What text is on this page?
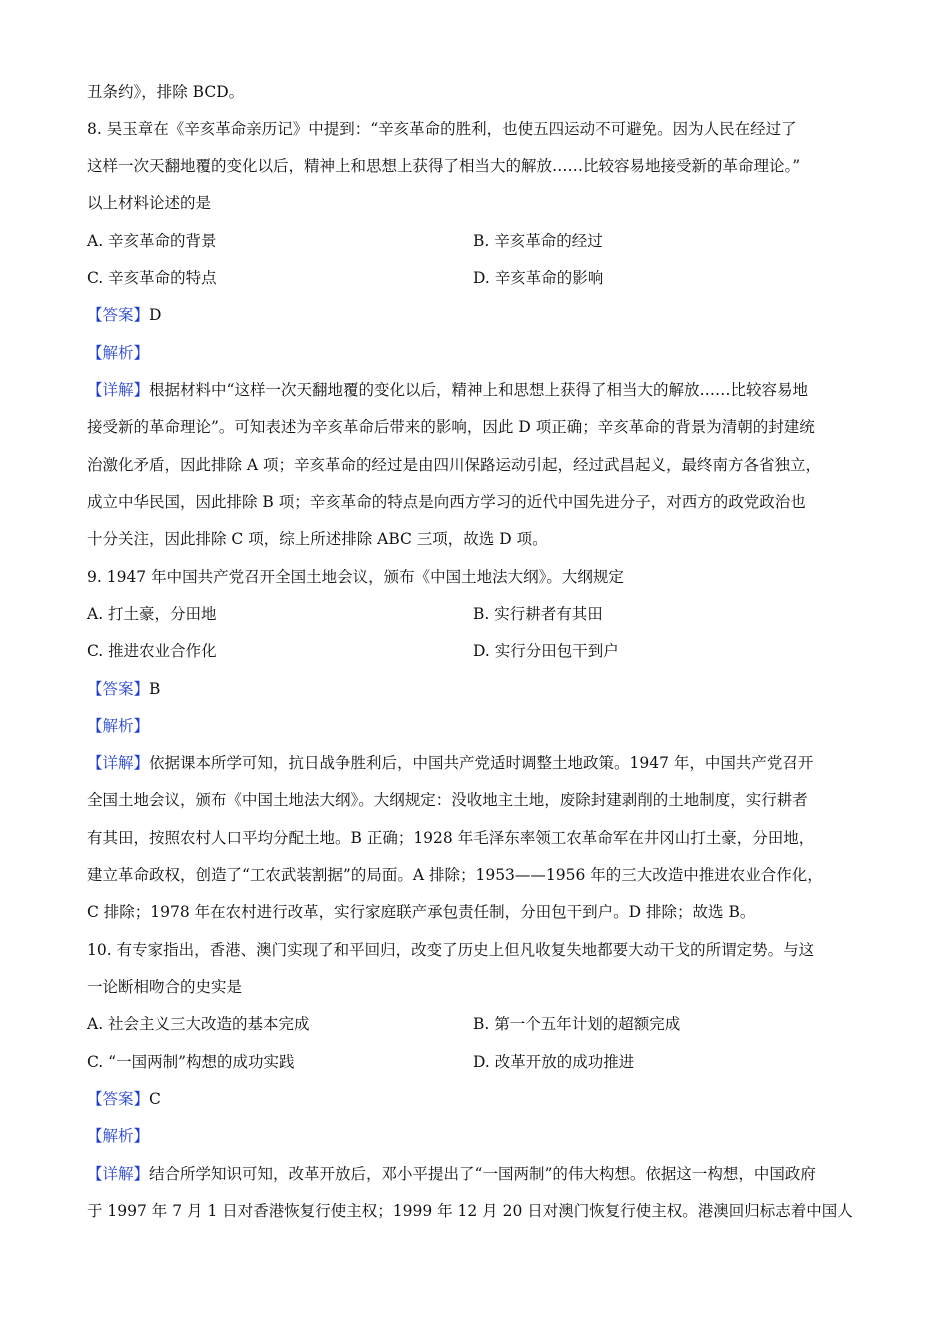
丑条约》，排除 BCD。
8. 吴玉章在《辛亥革命亲历记》中提到：“辛亥革命的胜利，也使五四运动不可避免。因为人民在经过了
这样一次天翻地覆的变化以后，精神上和思想上获得了相当大的解放……比较容易地接受新的革命理论。”
以上材料论述的是
A. 辛亥革命的背景	B. 辛亥革命的经过
C. 辛亥革命的特点	D. 辛亥革命的影响
【答案】D
【解析】
【详解】根据材料中“这样一次天翻地覆的变化以后，精神上和思想上获得了相当大的解放……比较容易地
接受新的革命理论”。可知表述为辛亥革命后带来的影响，因此 D 项正确；辛亥革命的背景为清朝的封建统
治激化矛盾，因此排除 A 项；辛亥革命的经过是由四川保路运动引起，经过武昌起义，最终南方各省独立，
成立中华民国，因此排除 B 项；辛亥革命的特点是向西方学习的近代中国先进分子，对西方的政党政治也
十分关注，因此排除 C 项，综上所述排除 ABC 三项，故选 D 项。
9. 1947 年中国共产党召开全国土地会议，颁布《中国土地法大纲》。大纲规定
A. 打土豪，分田地	B. 实行耕者有其田
C. 推进农业合作化	D. 实行分田包干到户
【答案】B
【解析】
【详解】依据课本所学可知，抗日战争胜利后，中国共产党适时调整土地政策。1947 年，中国共产党召开
全国土地会议，颁布《中国土地法大纲》。大纲规定：没收地主土地，废除封建剥削的土地制度，实行耕者
有其田，按照农村人口平均分配土地。B 正确；1928 年毛泽东率领工农革命军在井冈山打土豪，分田地，
建立革命政权，创造了“工农武装割据”的局面。A 排除；1953——1956 年的三大改造中推进农业合作化，
C 排除；1978 年在农村进行改革，实行家庭联产承包责任制，分田包干到户。D 排除；故选 B。
10. 有专家指出，香港、澳门实现了和平回归，改变了历史上但凡收复失地都要大动干戈的所谓定势。与这
一论断相吻合的史实是
A. 社会主义三大改造的基本完成	B. 第一个五年计划的超额完成
C. “一国两制”构想的成功实践	D. 改革开放的成功推进
【答案】C
【解析】
【详解】结合所学知识可知，改革开放后，邓小平提出了“一国两制”的伟大构想。依据这一构想，中国政府
于 1997 年 7 月 1 日对香港恢复行使主权；1999 年 12 月 20 日对澳门恢复行使主权。港澳回归标志着中国人
